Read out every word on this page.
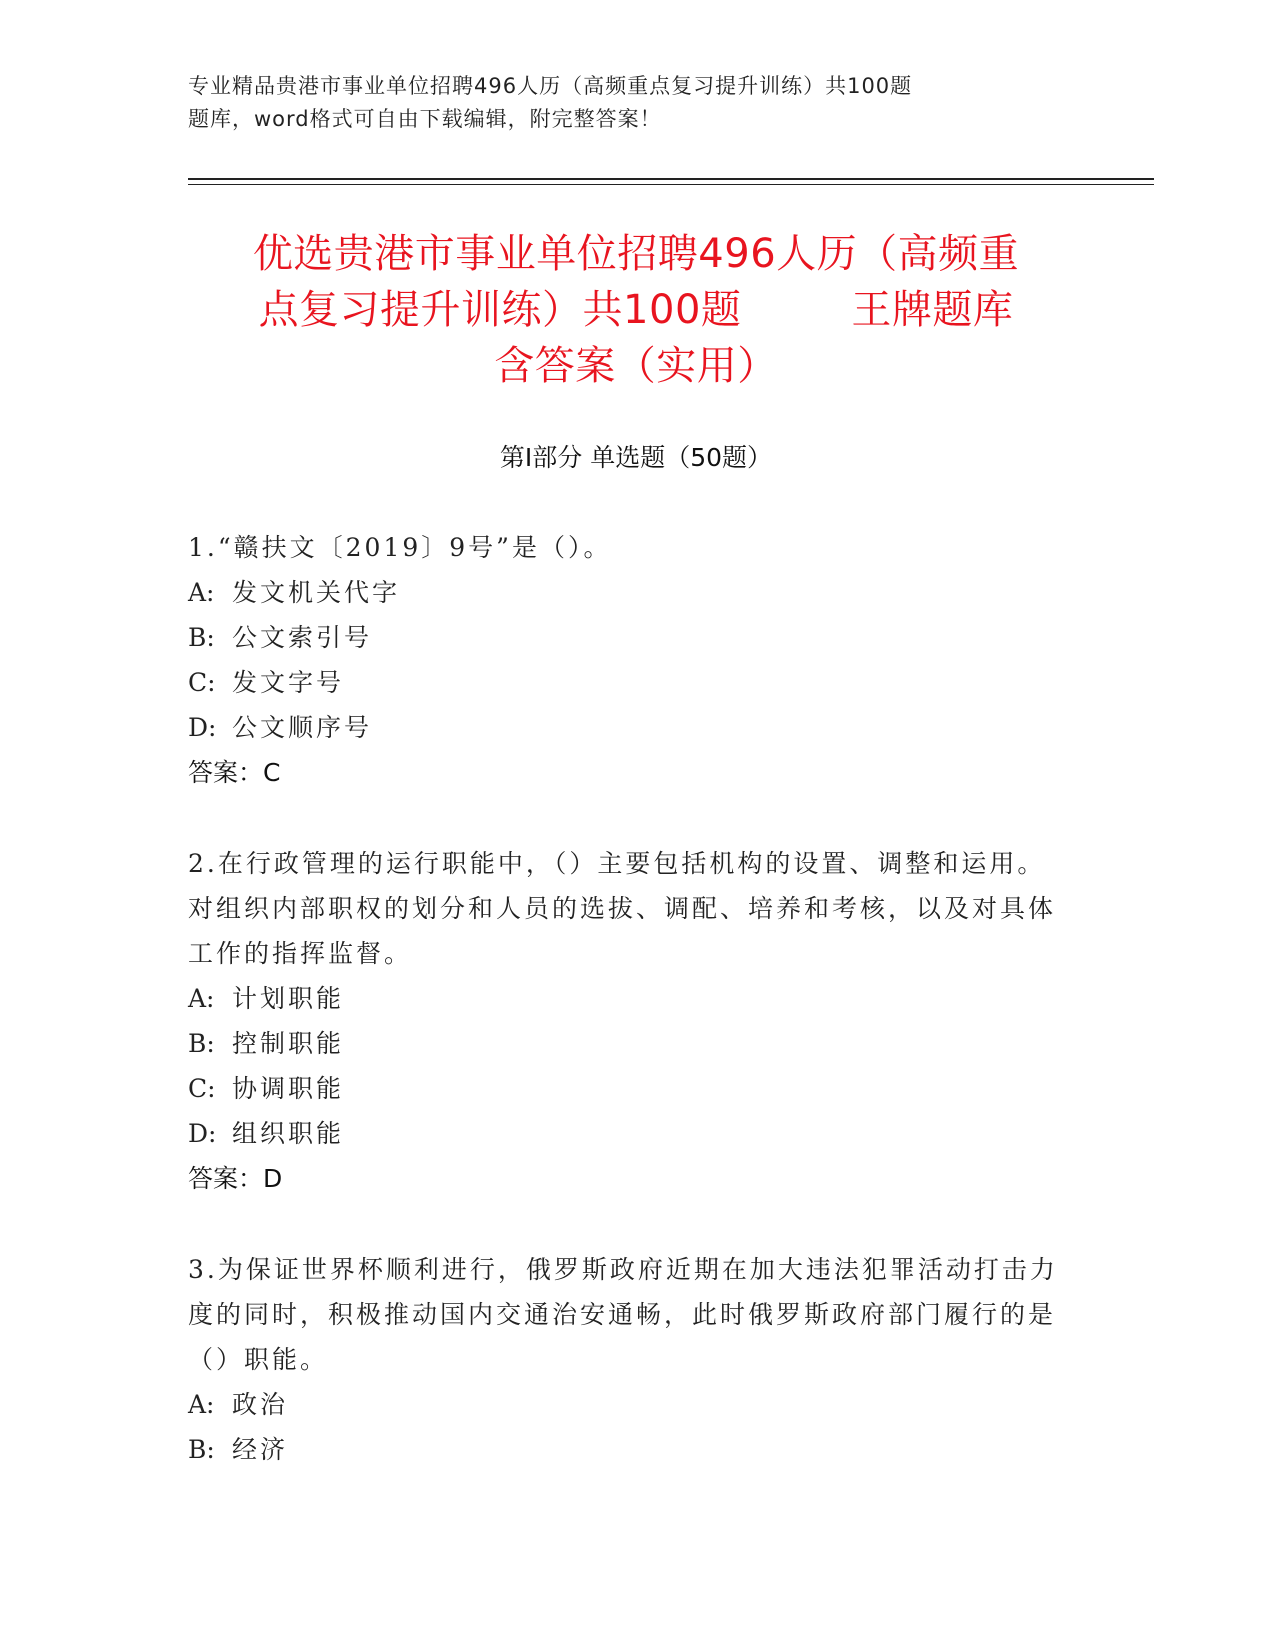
专业精品贵港市事业单位招聘496人历（高频重点复习提升训练）共100题
题库，word格式可自由下载编辑，附完整答案！
优选贵港市事业单位招聘496人历（高频重
点复习提升训练）共100题	王牌题库
含答案（实用）
第Ⅰ部分 单选题（50题）
1.“赣扶文〔2019〕9号”是（）。
A: 发文机关代字
B: 公文索引号
C: 发文字号
D: 公文顺序号
答案：C
2.在行政管理的运行职能中，（）主要包括机构的设置、调整和运用。对组织内部职权的划分和人员的选拔、调配、培养和考核，以及对具体工作的指挥监督。
A: 计划职能
B: 控制职能
C: 协调职能
D: 组织职能
答案：D
3.为保证世界杯顺利进行，俄罗斯政府近期在加大违法犯罪活动打击力度的同时，积极推动国内交通治安通畅，此时俄罗斯政府部门履行的是（）职能。
A: 政治
B: 经济
